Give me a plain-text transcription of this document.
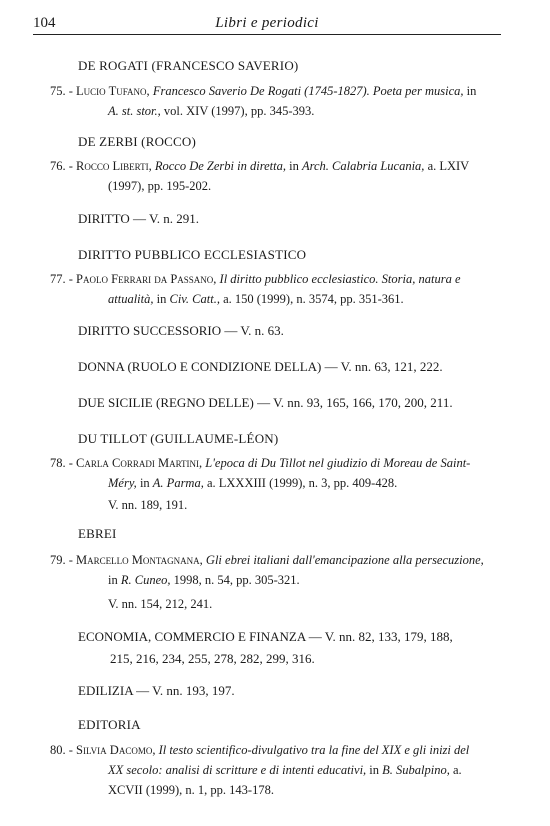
104	Libri e periodici
DE ROGATI (FRANCESCO SAVERIO)
75. - Lucio Tufano, Francesco Saverio De Rogati (1745-1827). Poeta per musica, in
A. st. stor., vol. XIV (1997), pp. 345-393.
DE ZERBI (ROCCO)
76. - Rocco Liberti, Rocco De Zerbi in diretta, in Arch. Calabria Lucania, a. LXIV
(1997), pp. 195-202.
DIRITTO — V. n. 291.
DIRITTO PUBBLICO ECCLESIASTICO
77. - Paolo Ferrari da Passano, Il diritto pubblico ecclesiastico. Storia, natura e
attualità, in Civ. Catt., a. 150 (1999), n. 3574, pp. 351-361.
DIRITTO SUCCESSORIO — V. n. 63.
DONNA (RUOLO E CONDIZIONE DELLA) — V. nn. 63, 121, 222.
DUE SICILIE (REGNO DELLE) — V. nn. 93, 165, 166, 170, 200, 211.
DU TILLOT (GUILLAUME-LÉON)
78. - Carla Corradi Martini, L'epoca di Du Tillot nel giudizio di Moreau de Saint-
Méry, in A. Parma, a. LXXXIII (1999), n. 3, pp. 409-428.
V. nn. 189, 191.
EBREI
79. - Marcello Montagnana, Gli ebrei italiani dall'emancipazione alla persecuzione,
in R. Cuneo, 1998, n. 54, pp. 305-321.
V. nn. 154, 212, 241.
ECONOMIA, COMMERCIO E FINANZA — V. nn. 82, 133, 179, 188,
215, 216, 234, 255, 278, 282, 299, 316.
EDILIZIA — V. nn. 193, 197.
EDITORIA
80. - Silvia Dacomo, Il testo scientifico-divulgativo tra la fine del XIX e gli inizi del
XX secolo: analisi di scritture e di intenti educativi, in B. Subalpino, a.
XCVII (1999), n. 1, pp. 143-178.
